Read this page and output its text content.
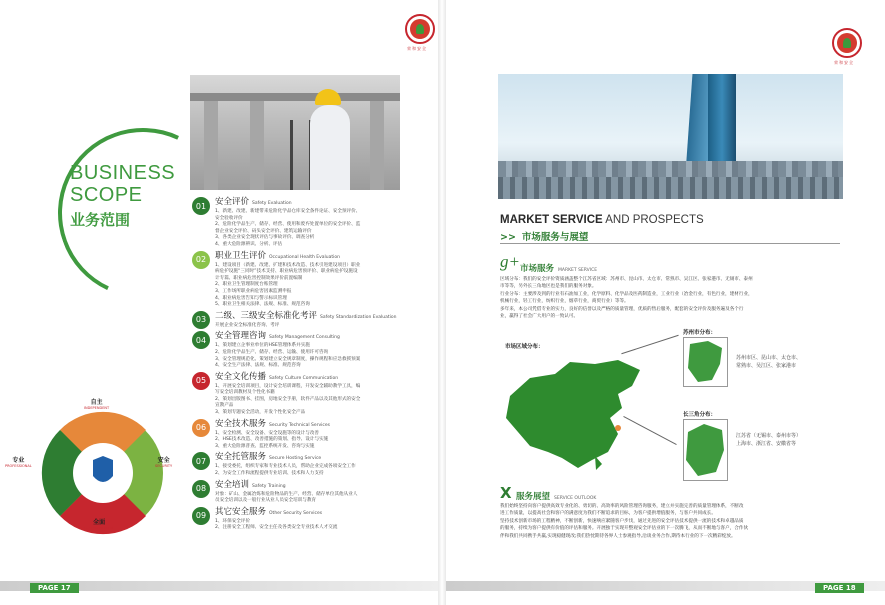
荣和安全
BUSINESS
SCOPE
业务范围
01	安全评价 Safety Evaluation
1、新建、改建、新建带来危险化学品仓库安全条件论证、安全预评价、
安全验收评价
2、危险化学品生产、储存、经营、使用和废弃处置单位的安全评价、监
督企业安全评价、码头安全评价、建筑运输评价
3、各类企业安全现状评估与事故评价、调查分析
4、重大危险源辨识、分析、评估
02	职业卫生评价 Occupational Health Evaluation
1、建设项目（新建、改建、扩建和技术改造、技术引进建设项目）职业
病危护设施“三同时”技术支持、职业病危害预评价、职业病危护设施设
计专篇、职业病危害控制效果评价前置编制
2、职业卫生管理制度台账管理
3、工作场所职业病危害因素监测申报
4、职业病危害告知与警示标识管理
5、职业卫生相关法律、法规、标准、规范咨询
03	二级、三级安全标准化考评 Safety Standardization Evaluation
开展企业安全标准化咨询、考评
04	安全管理咨询 Safety Management Consulting
1、策划建立企事业单位的HSE管理体系并实施
2、危险化学品生产、储存、经营、运输、使用许可咨询
3、安全管理规范化、策划建立安全规章制度，操作规程和应急救援预案
4、安全生产法律、法规、标准、规范咨询
05	安全文化传播 Safety Culture Communication
1、开展安全培训项目，设计安全培训课程，开发安全辅助教学工具，编
写安全培训教材及个性化书籍
2、策划出版图书、挂图，房地安全手册，软件产品以及其他形式的安全
宣教产品
3、策划专题安全活动，开发个性化安全产品
06	安全技术服务 Security Technical Services
1、安全检测、安全设备、安全设施等的设计与改善
2、HSE技术改造、改善措施的策划、指导、设计与实施
3、重大危险源普查、监控系统开发、咨询与实施
07	安全托管服务 Secure Hosting Service
1、接受委托，组织专家和专业技术人员，帮助企业完成各项安全工作
2、为安全工作和流程提供专业培训、技术和人力支持
08	安全培训 Safety Training
对象：矿山、金属冶炼和危险物品的生产、经营、储存单位其他从业人
员安全培训以及一般行业从业人员安全培训与教育
09	其它安全服务 Other Security Services
1、环保安全评价
2、注册安全工程师、安全主任及各类安全专业技术人才交流
自主
INDEPENDENT
安全
SECURITY
全面
COMPREHENSIVE
专业
PROFESSIONAL
PAGE 17
荣和安全
MARKET SERVICE AND PROSPECTS
>> 市场服务与展望
g+ 市场服务 MARKET SERVICE
区域分布：我们的安全评价资质涵盖整个江苏省区域：苏州市、昆山市、太仓市、常熟市、吴江区、张家港市、无锡市、泰州
市等等，另外长三角地区也是我们的服务对象。
行业分布：主要涉及到的行业有石油加工业，化学原料、化学品及医药制造业，工业行业（冶金行业，有色行业，建材行业，
机械行业，轻工行业，纺织行业，烟草行业，商贸行业）等等。
多年来，本公司凭借专业的实力，良好的信誉以及严格的质量管理，优质的售后服务，配套的安全评价及服务遍及各个行
业，赢得了社会广大用户的一致认可。
市场区域分布：
苏州市分布：
苏州市区、昆山市、太仓市、
常熟市、吴江区、张家港市
长三角分布：
江苏省（无锡市、泰州市等）
上海市、浙江省、安徽省等
X 服务展望 SERVICE OUTLOOK
我们始终坚持向客户提供高效专业化的、勇切的、高效率的风险管理咨询服务，建立并实施完善的质量管理体系，不断改
进工作质量，以提高社会和客户的满意度为我们不断追求的目标，为客户提供增值服务，与客户共同成长。
坚持技术创新市场的工程精神，不断创新，快速响应紧随客户步伐，通过先进的安全评估技术提供一流的技术和卓越品质
的服务，持续为客户提供有价值的评估和服务。开展独于实现开整观安全评估业的下一次腾飞，从而不断地与客户，合作伙
伴和我们共同携手共赢,实现稳健现改;我们热忱期待各界人士参观指导,洽谈业务合作,期待本行业的下一次精彩绽放。
PAGE 18
